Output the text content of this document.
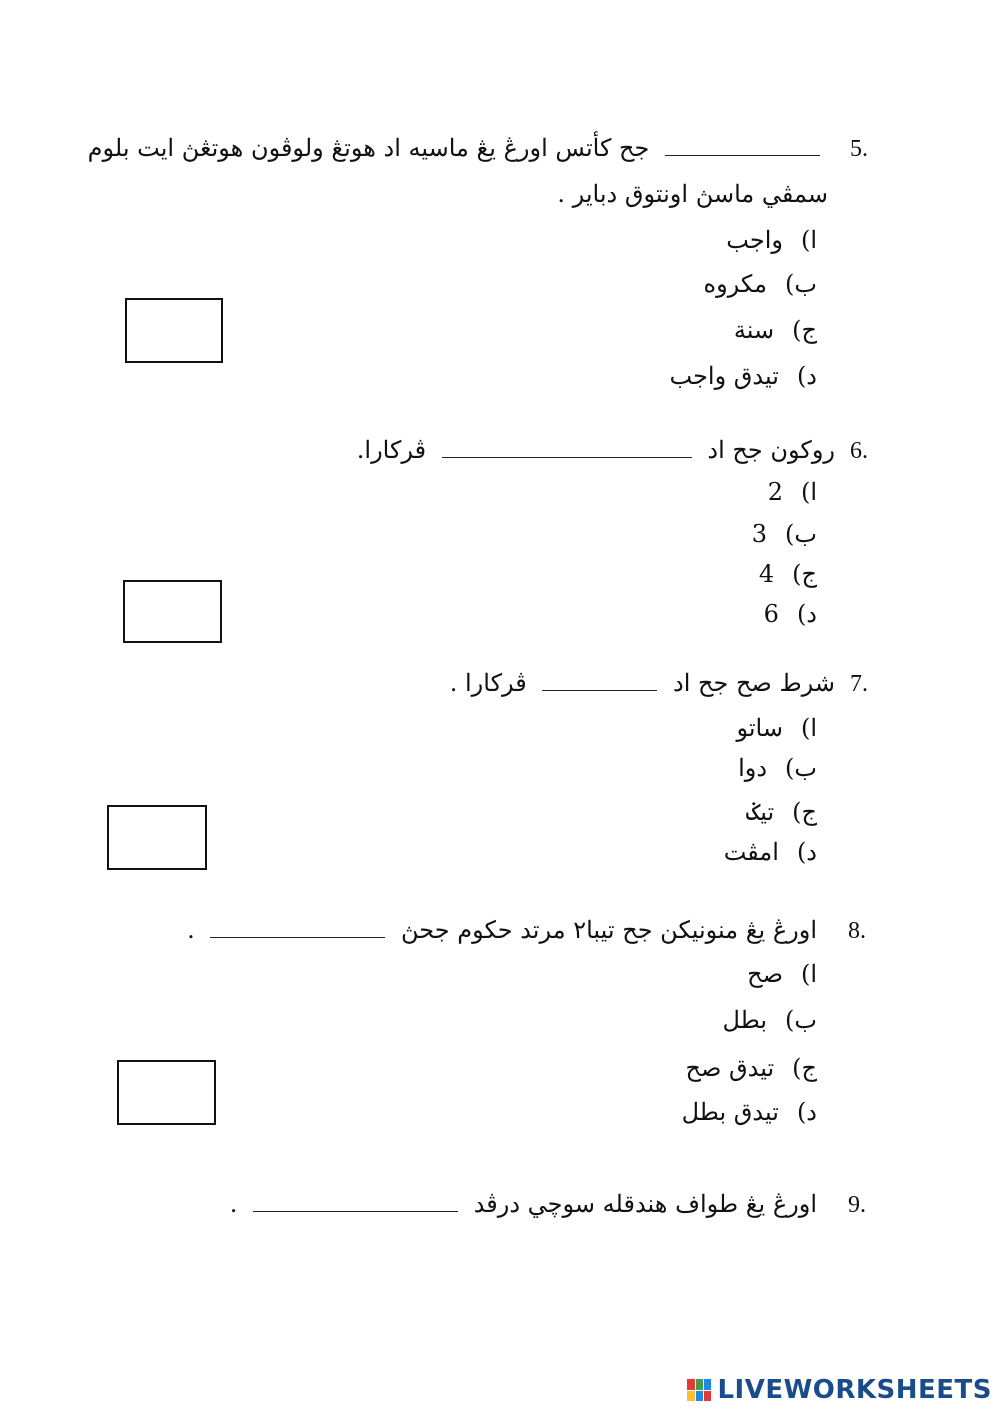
5.
جح كأتس اورڠ يڠ ماسيه اد هوتڠ ولوڤون هوتڠڽ ايت بلوم
سمڤي ماسڽ اونتوق دباير .
ا)واجب
ب)مكروه
ج)سنة
د)تيدق واجب
6.
روكون جح اد  ڤركارا.
ا)2
ب)3
ج)4
د)6
7.
شرط صح جح اد  ڤركارا .
ا)ساتو
ب)دوا
ج)تيݢ
د)امڤت
8.
اورڠ يڠ منونيكن جح تيبا٢ مرتد حكوم جحڽ  .
ا)صح
ب)بطل
ج)تيدق صح
د)تيدق بطل
9.
اورڠ يڠ طواف هندقله سوچي درڤد  .
LIVEWORKSHEETS
